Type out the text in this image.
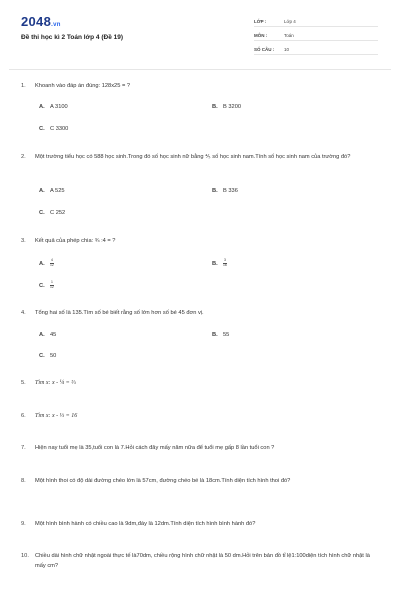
2048.vn
Đề thi học kì 2 Toán lớp 4 (Đề 19)
LỚP :	Lớp 4
MÔN :	Toán
SỐ CÂU : 10
1.	Khoanh vào đáp án đúng: 128x25 = ?
A. A 3100	B. B 3200
C. C 3300
2.	Một trường tiểu học có 588 học sinh.Trong đó số học sinh nữ bằng ⅘ số học sinh nam.Tính số học sinh nam của trường đó?
A. A 525	B. B 336
C. C 252
3.	Kết quả của phép chia: ¾ :4 = ?
A. $\frac{4}{12}$	B. $\frac{3}{16}$
C. $\frac{1}{12}$
4.	Tổng hai số là 135.Tìm số bé biết rằng số lớn hơn số bé 45 đơn vị.
A. 45	B. 55
C. 50
5.	Tìm x: x - ¼ = ⅔
6.	Tìm x: x - ⅓ = 16
7.	Hiện nay tuổi mẹ là 35,tuổi con là 7.Hỏi cách đây mấy năm nữa để tuổi mẹ gấp 8 lần tuổi con ?
8.	Một hình thoi có độ dài đường chéo lớn là 57cm, đường chéo bé là 18cm.Tính diện tích hình thoi đó?
9.	Một hình bình hành có chiều cao là 9dm,đáy là 12dm.Tính diện tích hình bình hành đó?
10.	Chiều dài hình chữ nhật ngoài thực tế là70dm, chiều rộng hình chữ nhật là 50 dm.Hỏi trên bản đồ tỉ lệ1:100diện tích hình chữ nhật là mấy cm?
